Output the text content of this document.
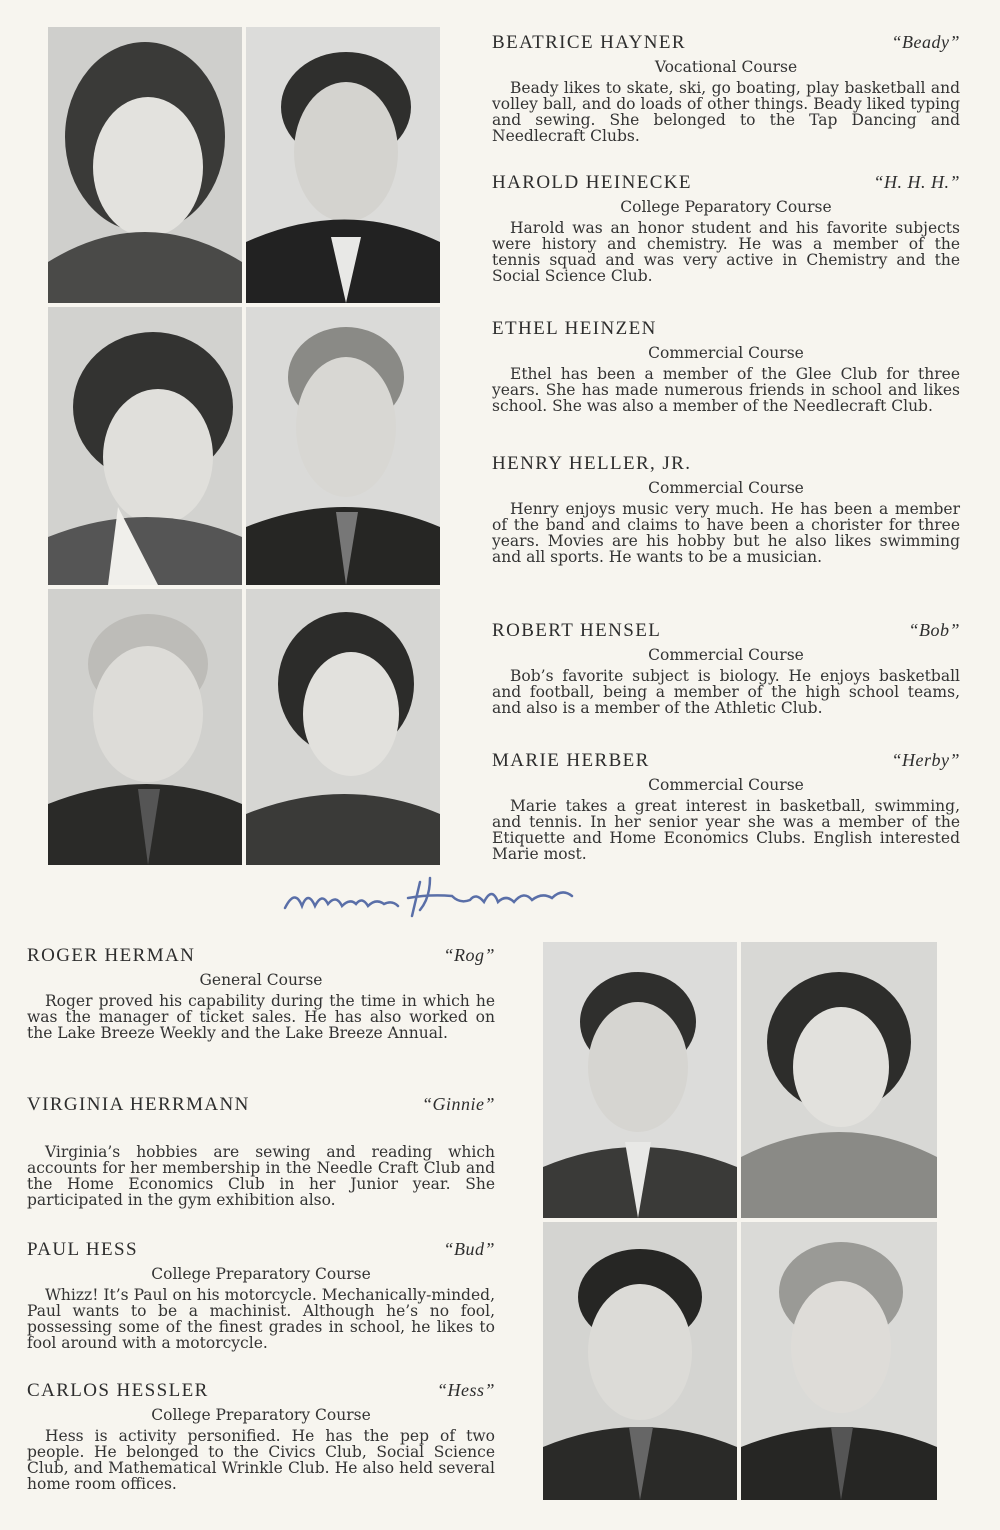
BEATRICE HAYNER	“Beady”
Vocational Course
Beady likes to skate, ski, go boating, play basketball and volley ball, and do loads of other things. Beady liked typing and sewing. She belonged to the Tap Dancing and Needlecraft Clubs.
HAROLD HEINECKE	“H. H. H.”
College Peparatory Course
Harold was an honor student and his favorite subjects were history and chemistry. He was a member of the tennis squad and was very active in Chemistry and the Social Science Club.
ETHEL HEINZEN
Commercial Course
Ethel has been a member of the Glee Club for three years. She has made numerous friends in school and likes school. She was also a member of the Needlecraft Club.
HENRY HELLER, JR.
Commercial Course
Henry enjoys music very much. He has been a member of the band and claims to have been a chorister for three years. Movies are his hobby but he also likes swimming and all sports. He wants to be a musician.
ROBERT HENSEL	“Bob”
Commercial Course
Bob’s favorite subject is biology. He enjoys basketball and football, being a member of the high school teams, and also is a member of the Athletic Club.
MARIE HERBER	“Herby”
Commercial Course
Marie takes a great interest in basketball, swimming, and tennis. In her senior year she was a member of the Etiquette and Home Economics Clubs. English interested Marie most.
ROGER HERMAN	“Rog”
General Course
Roger proved his capability during the time in which he was the manager of ticket sales. He has also worked on the Lake Breeze Weekly and the Lake Breeze Annual.
VIRGINIA HERRMANN	“Ginnie”
Virginia’s hobbies are sewing and reading which accounts for her membership in the Needle Craft Club and the Home Economics Club in her Junior year. She participated in the gym exhibition also.
PAUL HESS	“Bud”
College Preparatory Course
Whizz! It’s Paul on his motorcycle. Mechanically-minded, Paul wants to be a machinist. Although he’s no fool, possessing some of the finest grades in school, he likes to fool around with a motorcycle.
CARLOS HESSLER	“Hess”
College Preparatory Course
Hess is activity personified. He has the pep of two people. He belonged to the Civics Club, Social Science Club, and Mathematical Wrinkle Club. He also held several home room offices.
